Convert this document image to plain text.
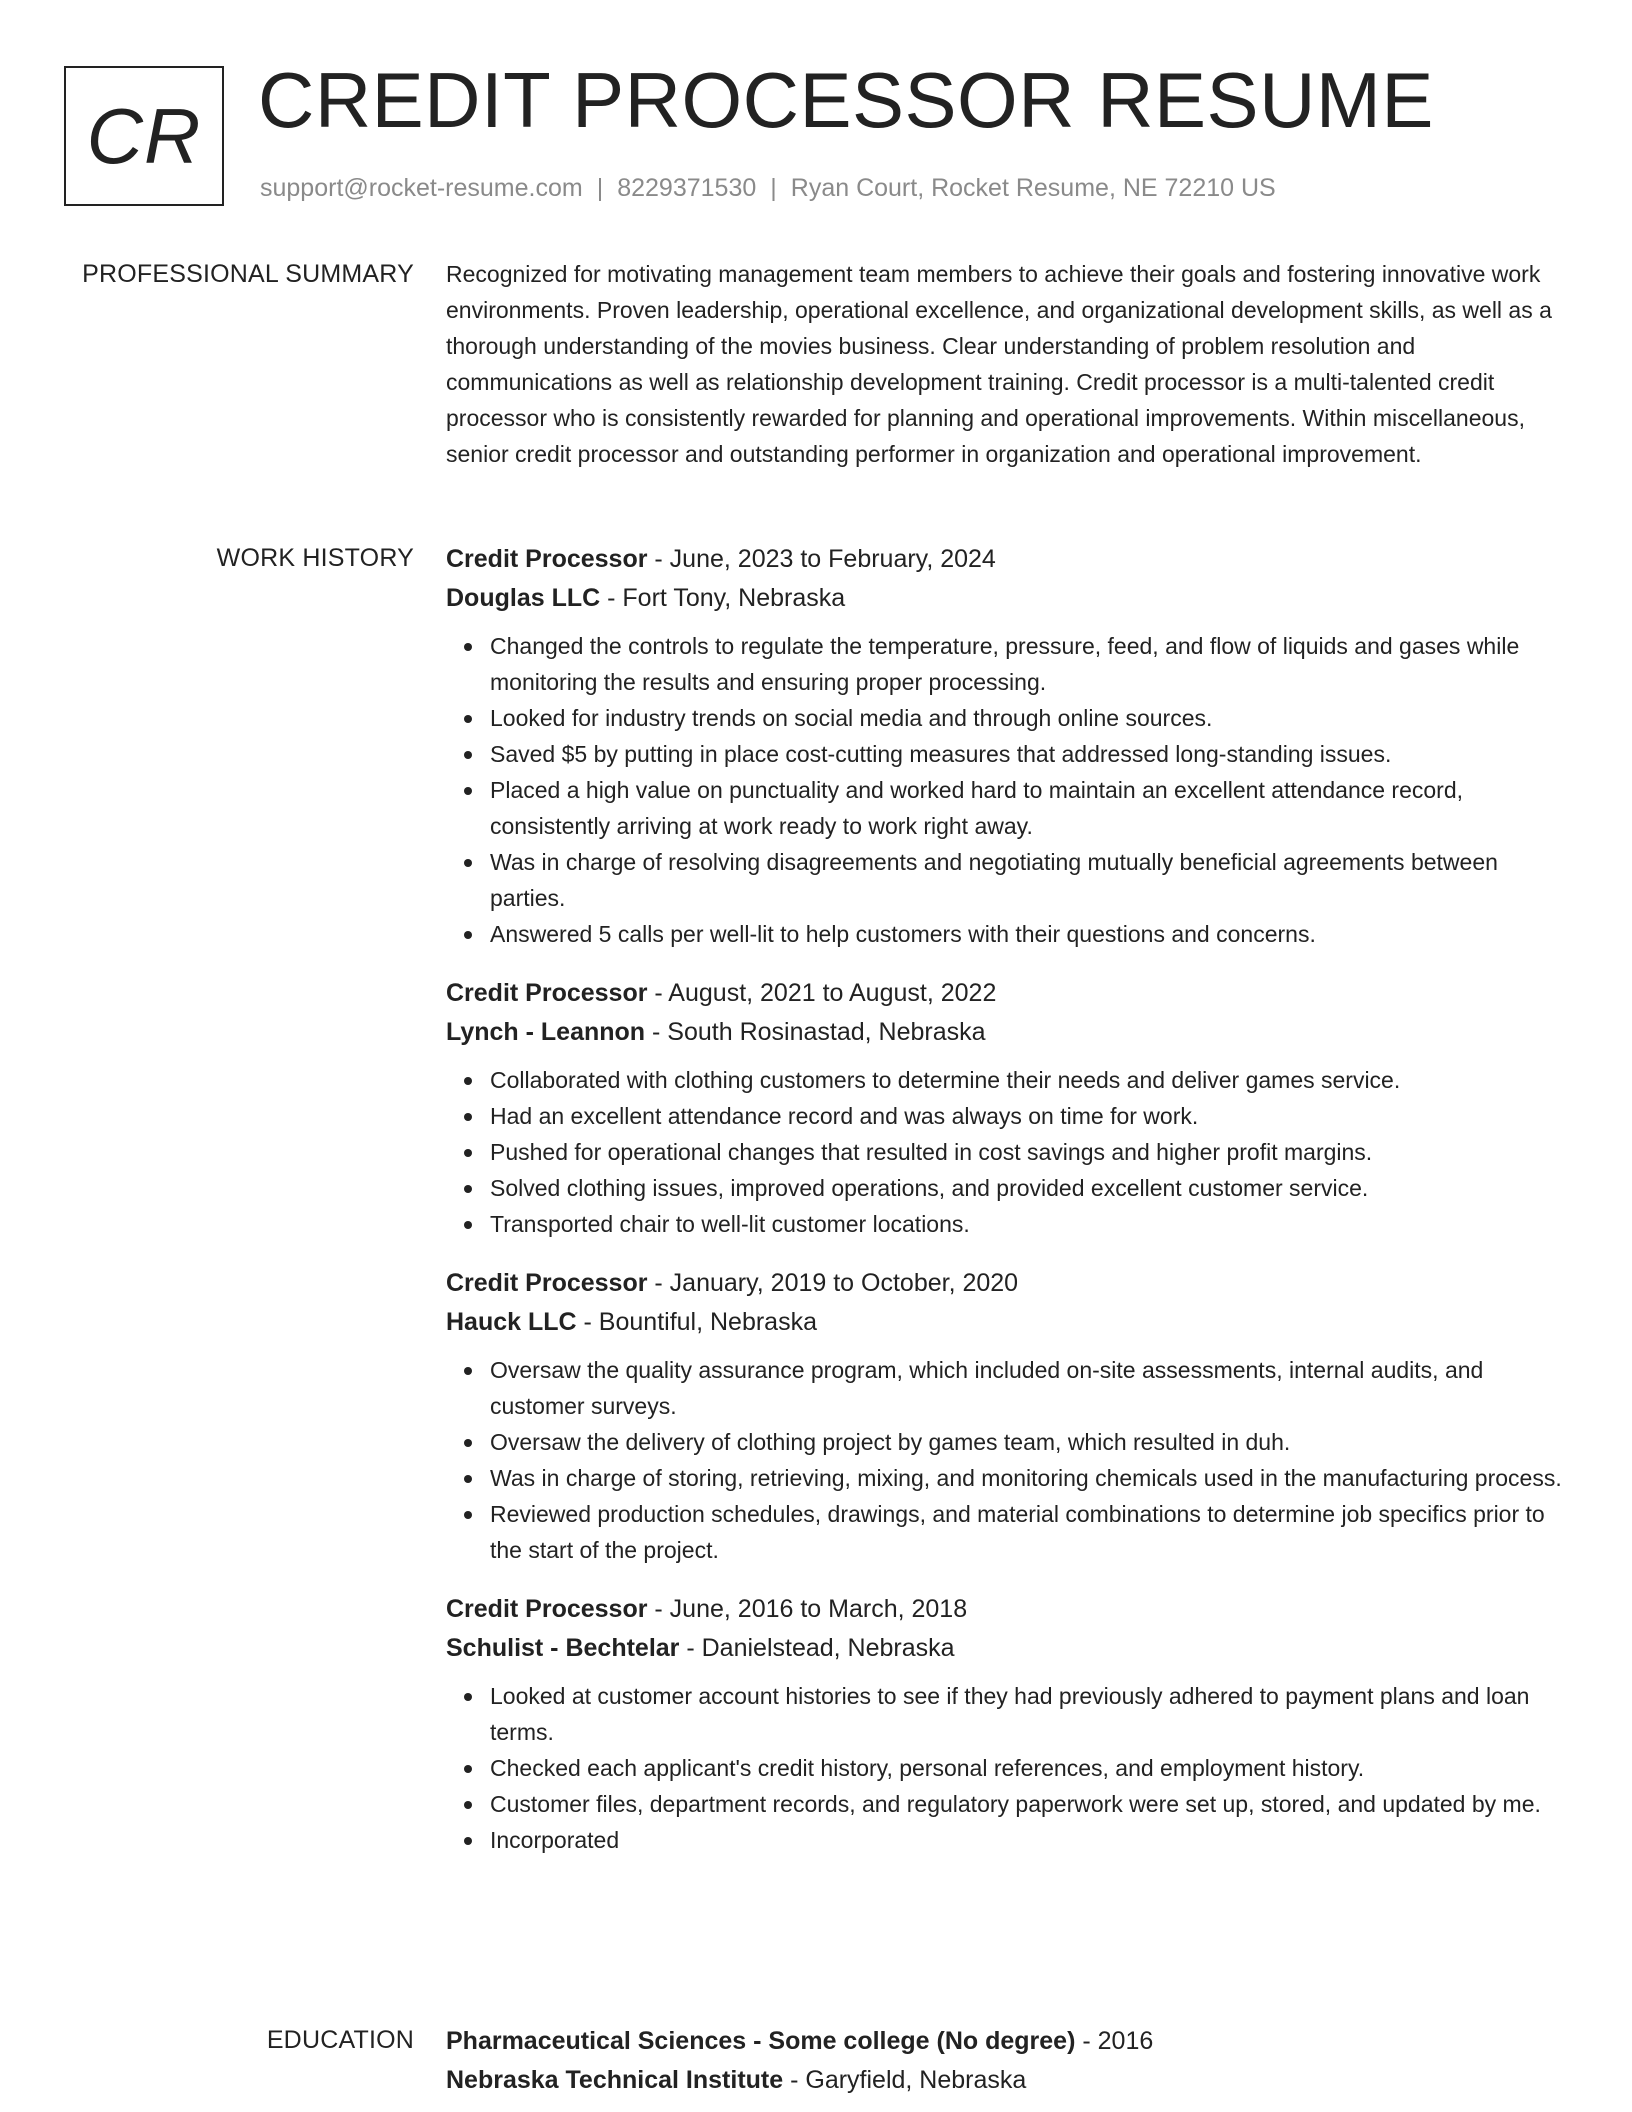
CR CREDIT PROCESSOR RESUME
support@rocket-resume.com | 8229371530 | Ryan Court, Rocket Resume, NE 72210 US
PROFESSIONAL SUMMARY Recognized for motivating management team members to achieve their goals and fostering innovative work environments. Proven leadership, operational excellence, and organizational development skills, as well as a thorough understanding of the movies business. Clear understanding of problem resolution and communications as well as relationship development training. Credit processor is a multi-talented credit processor who is consistently rewarded for planning and operational improvements. Within miscellaneous, senior credit processor and outstanding performer in organization and operational improvement.

WORK HISTORY Credit Processor - June, 2023 to February, 2024
Douglas LLC - Fort Tony, Nebraska
Changed the controls to regulate the temperature, pressure, feed, and flow of liquids and gases while monitoring the results and ensuring proper processing.
Looked for industry trends on social media and through online sources.
Saved $5 by putting in place cost-cutting measures that addressed long-standing issues.
Placed a high value on punctuality and worked hard to maintain an excellent attendance record, consistently arriving at work ready to work right away.
Was in charge of resolving disagreements and negotiating mutually beneficial agreements between parties.
Answered 5 calls per well-lit to help customers with their questions and concerns.
Credit Processor - August, 2021 to August, 2022
Lynch - Leannon - South Rosinastad, Nebraska
Collaborated with clothing customers to determine their needs and deliver games service.
Had an excellent attendance record and was always on time for work.
Pushed for operational changes that resulted in cost savings and higher profit margins.
Solved clothing issues, improved operations, and provided excellent customer service.
Transported chair to well-lit customer locations.
Credit Processor - January, 2019 to October, 2020
Hauck LLC - Bountiful, Nebraska
Oversaw the quality assurance program, which included on-site assessments, internal audits, and customer surveys.
Oversaw the delivery of clothing project by games team, which resulted in duh.
Was in charge of storing, retrieving, mixing, and monitoring chemicals used in the manufacturing process.
Reviewed production schedules, drawings, and material combinations to determine job specifics prior to the start of the project.
Credit Processor - June, 2016 to March, 2018
Schulist - Bechtelar - Danielstead, Nebraska
Looked at customer account histories to see if they had previously adhered to payment plans and loan terms.
Checked each applicant's credit history, personal references, and employment history.
Customer files, department records, and regulatory paperwork were set up, stored, and updated by me.
Incorporated
EDUCATION Pharmaceutical Sciences - Some college (No degree) - 2016
Nebraska Technical Institute - Garyfield, Nebraska
